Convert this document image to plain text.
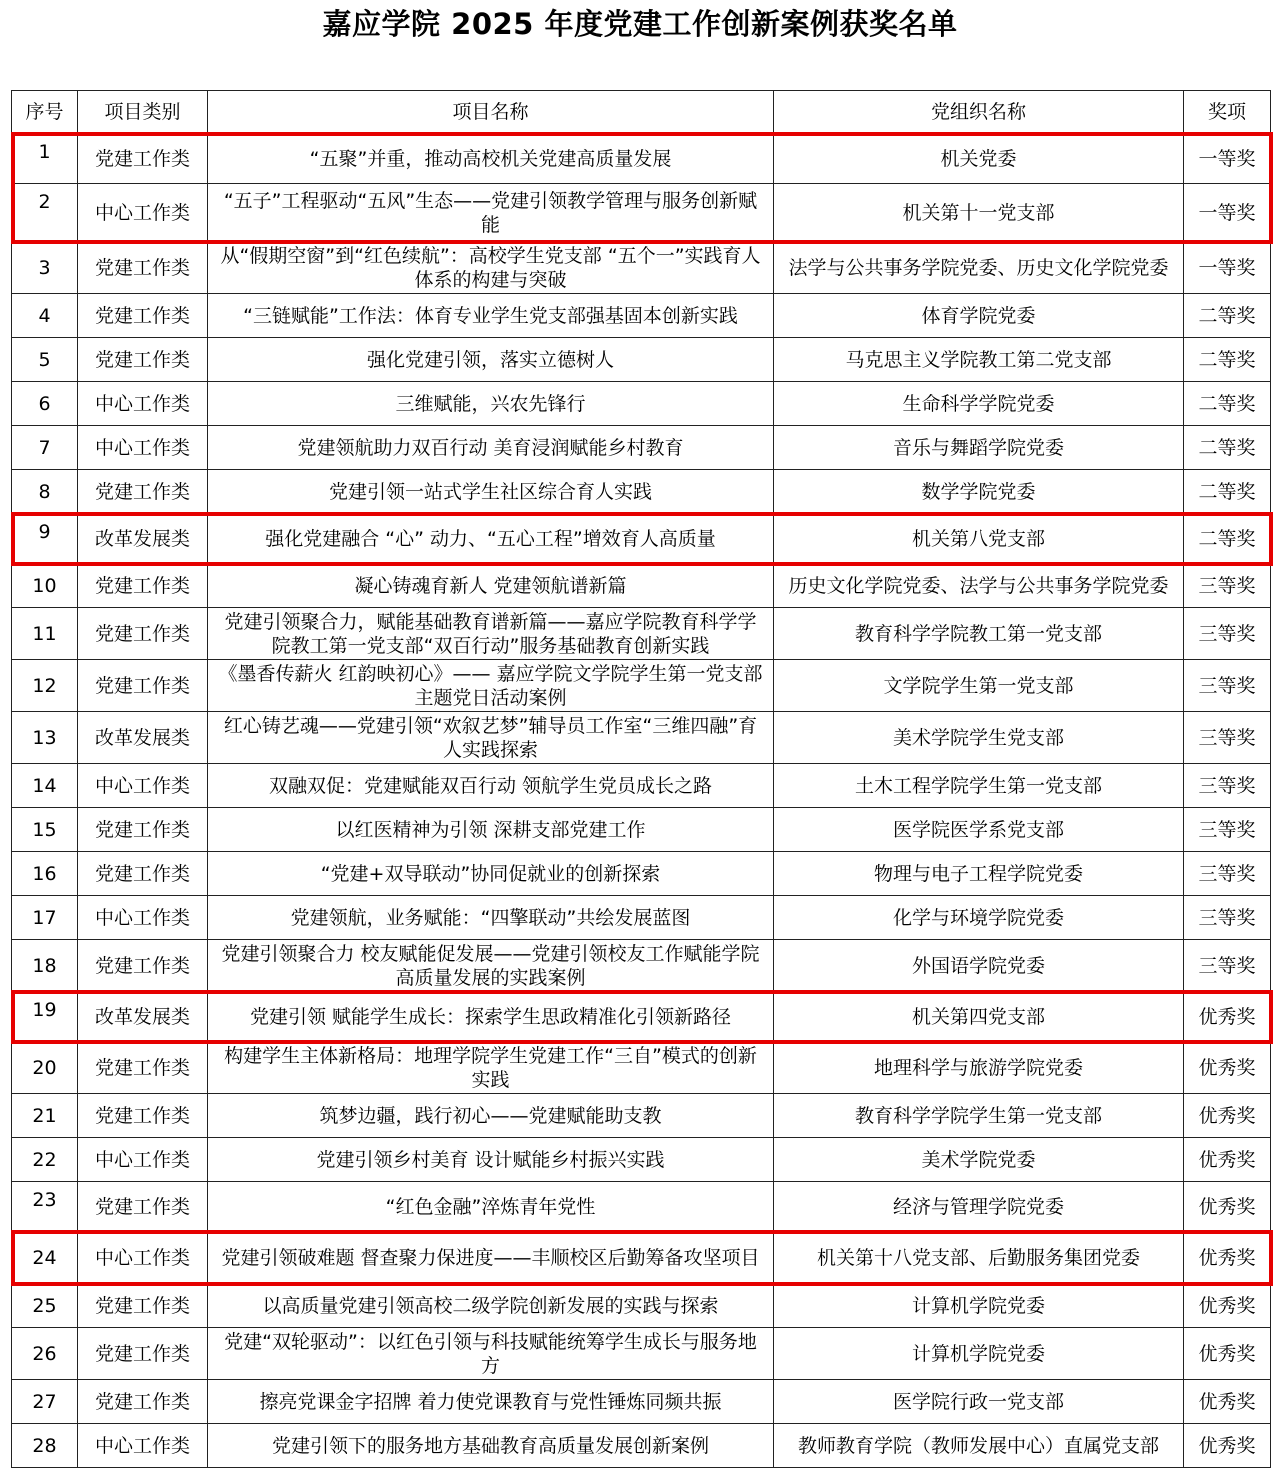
嘉应学院 2025 年度党建工作创新案例获奖名单
序号	项目类别	项目名称	党组织名称	奖项
1	党建工作类	“五聚”并重，推动高校机关党建高质量发展	机关党委	一等奖
2	中心工作类	“五子”工程驱动“五风”生态——党建引领教学管理与服务创新赋能	机关第十一党支部	一等奖
3	党建工作类	从“假期空窗”到“红色续航”：高校学生党支部 “五个一”实践育人体系的构建与突破	法学与公共事务学院党委、历史文化学院党委	一等奖
4	党建工作类	“三链赋能”工作法：体育专业学生党支部强基固本创新实践	体育学院党委	二等奖
5	党建工作类	强化党建引领，落实立德树人	马克思主义学院教工第二党支部	二等奖
6	中心工作类	三维赋能，兴农先锋行	生命科学学院党委	二等奖
7	中心工作类	党建领航助力双百行动 美育浸润赋能乡村教育	音乐与舞蹈学院党委	二等奖
8	党建工作类	党建引领一站式学生社区综合育人实践	数学学院党委	二等奖
9	改革发展类	强化党建融合 “心” 动力、“五心工程”增效育人高质量	机关第八党支部	二等奖
10	党建工作类	凝心铸魂育新人 党建领航谱新篇	历史文化学院党委、法学与公共事务学院党委	三等奖
11	党建工作类	党建引领聚合力，赋能基础教育谱新篇——嘉应学院教育科学学院教工第一党支部“双百行动”服务基础教育创新实践	教育科学学院教工第一党支部	三等奖
12	党建工作类	《墨香传薪火 红韵映初心》—— 嘉应学院文学院学生第一党支部主题党日活动案例	文学院学生第一党支部	三等奖
13	改革发展类	红心铸艺魂——党建引领“欢叙艺梦”辅导员工作室“三维四融”育人实践探索	美术学院学生党支部	三等奖
14	中心工作类	双融双促：党建赋能双百行动 领航学生党员成长之路	土木工程学院学生第一党支部	三等奖
15	党建工作类	以红医精神为引领 深耕支部党建工作	医学院医学系党支部	三等奖
16	党建工作类	“党建+双导联动”协同促就业的创新探索	物理与电子工程学院党委	三等奖
17	中心工作类	党建领航，业务赋能：“四擎联动”共绘发展蓝图	化学与环境学院党委	三等奖
18	党建工作类	党建引领聚合力 校友赋能促发展——党建引领校友工作赋能学院高质量发展的实践案例	外国语学院党委	三等奖
19	改革发展类	党建引领 赋能学生成长：探索学生思政精准化引领新路径	机关第四党支部	优秀奖
20	党建工作类	构建学生主体新格局：地理学院学生党建工作“三自”模式的创新实践	地理科学与旅游学院党委	优秀奖
21	党建工作类	筑梦边疆，践行初心——党建赋能助支教	教育科学学院学生第一党支部	优秀奖
22	中心工作类	党建引领乡村美育 设计赋能乡村振兴实践	美术学院党委	优秀奖
23	党建工作类	“红色金融”淬炼青年党性	经济与管理学院党委	优秀奖
24	中心工作类	党建引领破难题 督查聚力保进度——丰顺校区后勤筹备攻坚项目	机关第十八党支部、后勤服务集团党委	优秀奖
25	党建工作类	以高质量党建引领高校二级学院创新发展的实践与探索	计算机学院党委	优秀奖
26	党建工作类	党建“双轮驱动”：以红色引领与科技赋能统筹学生成长与服务地方	计算机学院党委	优秀奖
27	党建工作类	擦亮党课金字招牌 着力使党课教育与党性锤炼同频共振	医学院行政一党支部	优秀奖
28	中心工作类	党建引领下的服务地方基础教育高质量发展创新案例	教师教育学院（教师发展中心）直属党支部	优秀奖
